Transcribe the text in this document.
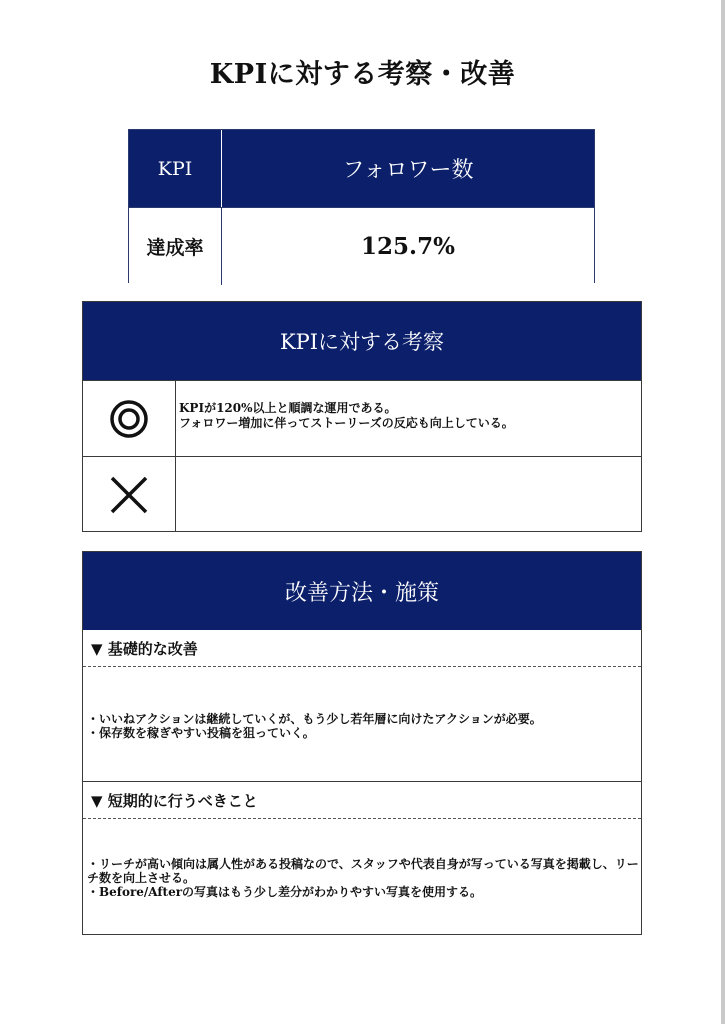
KPIに対する考察・改善
KPI	フォロワー数
達成率	125.7%
KPIに対する考察
KPIが120%以上と順調な運用である。
フォロワー増加に伴ってストーリーズの反応も向上している。
改善方法・施策
▼ 基礎的な改善
・いいねアクションは継続していくが、もう少し若年層に向けたアクションが必要。
・保存数を稼ぎやすい投稿を狙っていく。
▼ 短期的に行うべきこと
・リーチが高い傾向は属人性がある投稿なので、スタッフや代表自身が写っている写真を掲載し、リーチ数を向上させる。
・Before/Afterの写真はもう少し差分がわかりやすい写真を使用する。
